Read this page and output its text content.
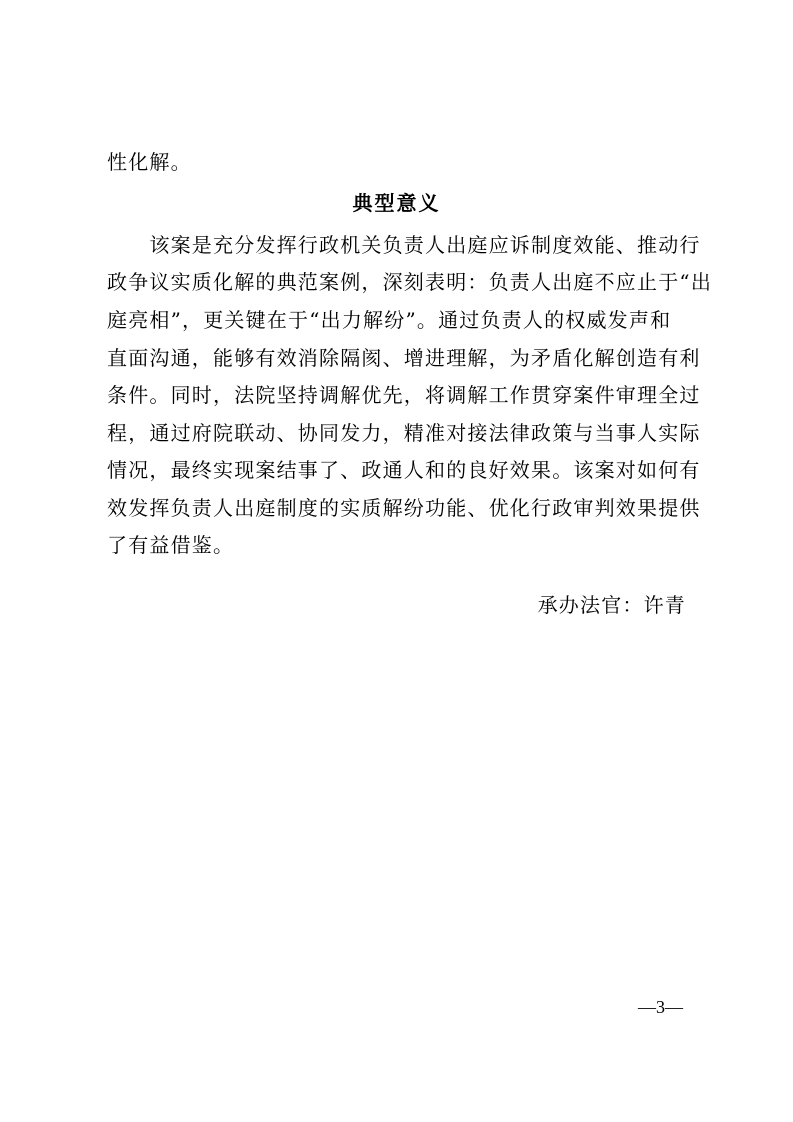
性化解。
典型意义
　　该案是充分发挥行政机关负责人出庭应诉制度效能、推动行
政争议实质化解的典范案例，深刻表明：负责人出庭不应止于“出
庭亮相”，更关键在于“出力解纷”。通过负责人的权威发声和
直面沟通，能够有效消除隔阂、增进理解，为矛盾化解创造有利
条件。同时，法院坚持调解优先，将调解工作贯穿案件审理全过
程，通过府院联动、协同发力，精准对接法律政策与当事人实际
情况，最终实现案结事了、政通人和的良好效果。该案对如何有
效发挥负责人出庭制度的实质解纷功能、优化行政审判效果提供
了有益借鉴。
承办法官：许青
—3—
